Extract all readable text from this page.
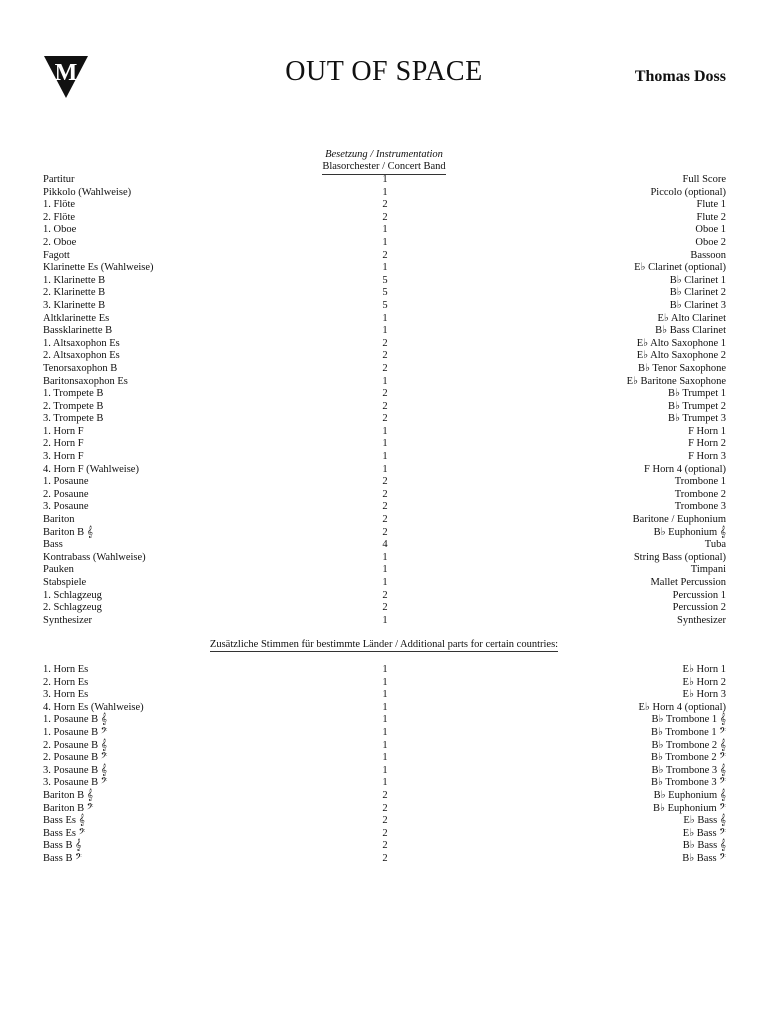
M	OUT OF SPACE	Thomas Doss
Besetzung / Instrumentation
Blasorchester / Concert Band
Partitur	1	Full Score
Pikkolo (Wahlweise)	1	Piccolo (optional)
1. Flöte	2	Flute 1
2. Flöte	2	Flute 2
1. Oboe	1	Oboe 1
2. Oboe	1	Oboe 2
Fagott	2	Bassoon
Klarinette Es (Wahlweise)	1	E♭ Clarinet (optional)
1. Klarinette B	5	B♭ Clarinet 1
2. Klarinette B	5	B♭ Clarinet 2
3. Klarinette B	5	B♭ Clarinet 3
Altklarinette Es	1	E♭ Alto Clarinet
Bassklarinette B	1	B♭ Bass Clarinet
1. Altsaxophon Es	2	E♭ Alto Saxophone 1
2. Altsaxophon Es	2	E♭ Alto Saxophone 2
Tenorsaxophon B	2	B♭ Tenor Saxophone
Baritonsaxophon Es	1	E♭ Baritone Saxophone
1. Trompete B	2	B♭ Trumpet 1
2. Trompete B	2	B♭ Trumpet 2
3. Trompete B	2	B♭ Trumpet 3
1. Horn F	1	F Horn 1
2. Horn F	1	F Horn 2
3. Horn F	1	F Horn 3
4. Horn F (Wahlweise)	1	F Horn 4 (optional)
1. Posaune	2	Trombone 1
2. Posaune	2	Trombone 2
3. Posaune	2	Trombone 3
Bariton	2	Baritone / Euphonium
Bariton B 𝄞	2	B♭ Euphonium 𝄞
Bass	4	Tuba
Kontrabass (Wahlweise)	1	String Bass (optional)
Pauken	1	Timpani
Stabspiele	1	Mallet Percussion
1. Schlagzeug	2	Percussion 1
2. Schlagzeug	2	Percussion 2
Synthesizer	1	Synthesizer
Zusätzliche Stimmen für bestimmte Länder / Additional parts for certain countries:
1. Horn Es	1	E♭ Horn 1
2. Horn Es	1	E♭ Horn 2
3. Horn Es	1	E♭ Horn 3
4. Horn Es (Wahlweise)	1	E♭ Horn 4 (optional)
1. Posaune B 𝄞	1	B♭ Trombone 1 𝄞
1. Posaune B 𝄢	1	B♭ Trombone 1 𝄢
2. Posaune B 𝄞	1	B♭ Trombone 2 𝄞
2. Posaune B 𝄢	1	B♭ Trombone 2 𝄢
3. Posaune B 𝄞	1	B♭ Trombone 3 𝄞
3. Posaune B 𝄢	1	B♭ Trombone 3 𝄢
Bariton B 𝄞	2	B♭ Euphonium 𝄞
Bariton B 𝄢	2	B♭ Euphonium 𝄢
Bass Es 𝄞	2	E♭ Bass 𝄞
Bass Es 𝄢	2	E♭ Bass 𝄢
Bass B 𝄞	2	B♭ Bass 𝄞
Bass B 𝄢	2	B♭ Bass 𝄢
